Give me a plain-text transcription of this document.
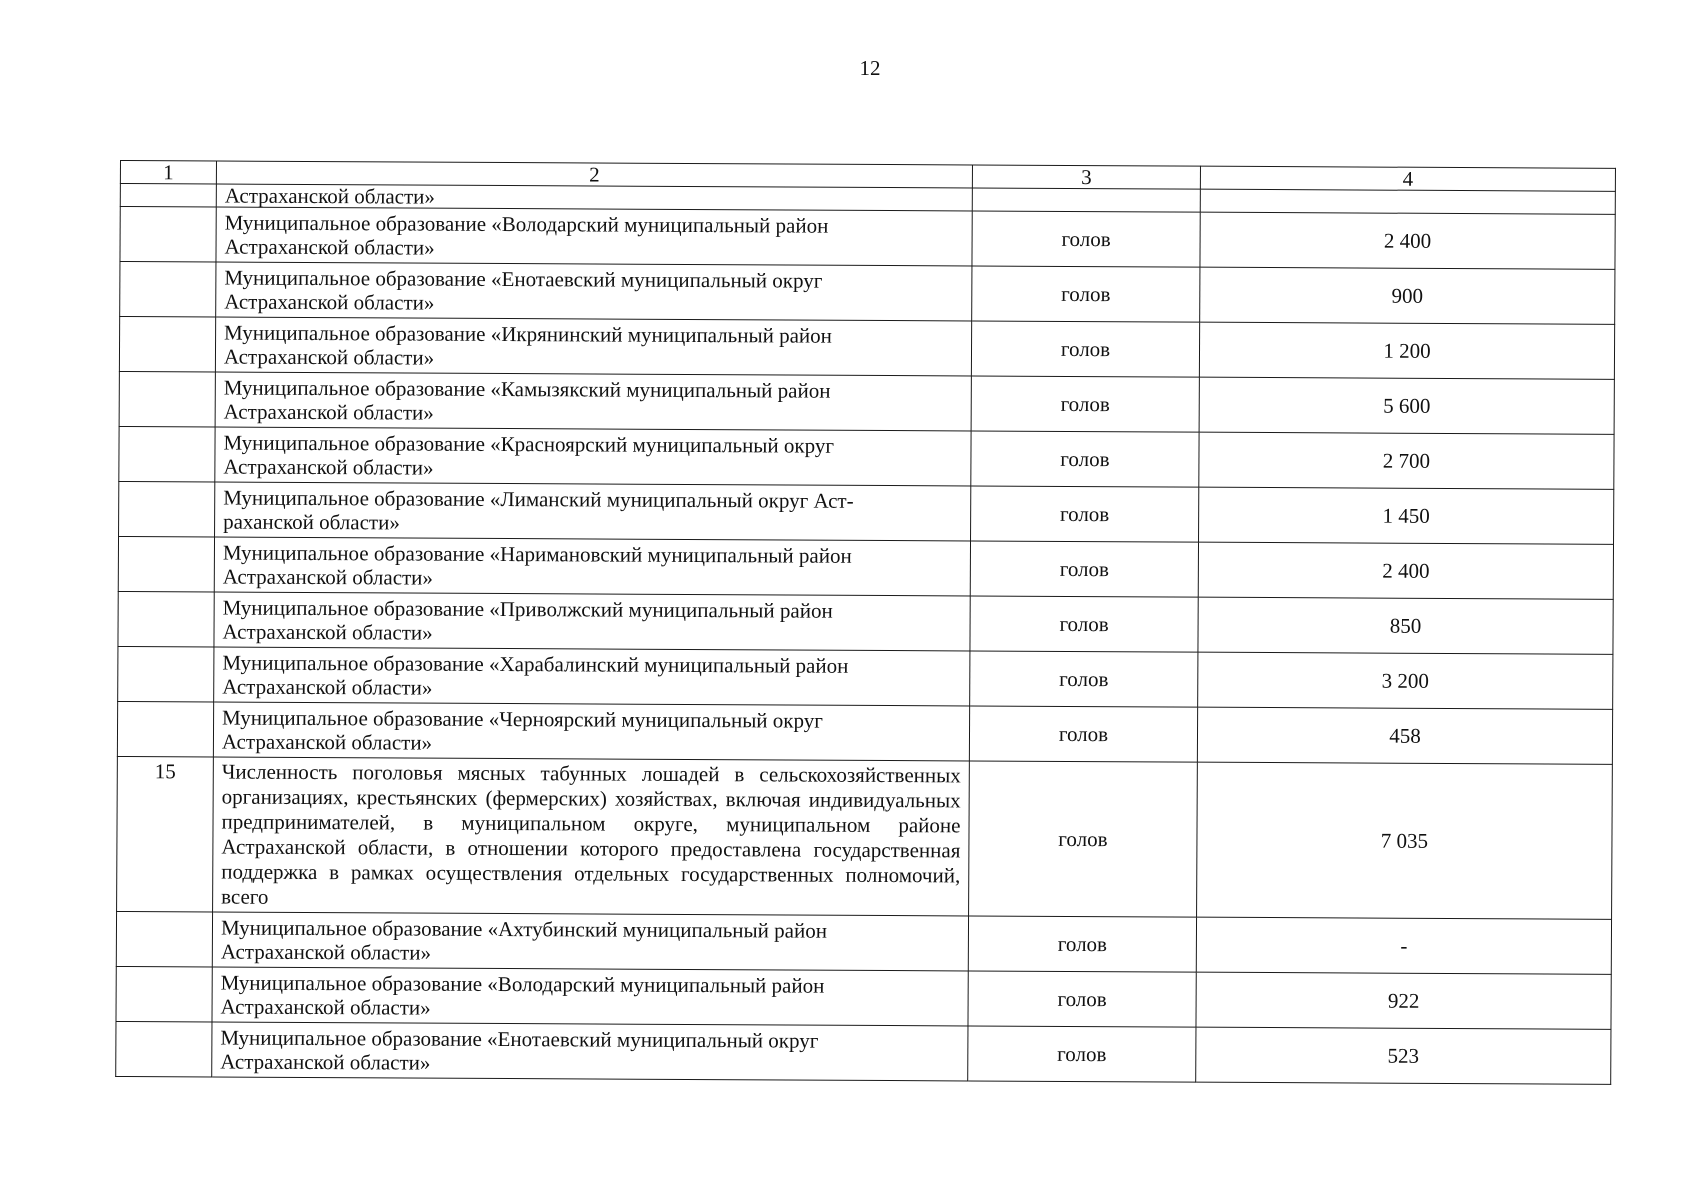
12
1	2	3	4
	Астраханской области»		
	Муниципальное образование «Володарский муниципальный район
Астраханской области»	голов	2 400
	Муниципальное образование «Енотаевский муниципальный округ
Астраханской области»	голов	900
	Муниципальное образование «Икрянинский муниципальный район
Астраханской области»	голов	1 200
	Муниципальное образование «Камызякский муниципальный район
Астраханской области»	голов	5 600
	Муниципальное образование «Красноярский муниципальный округ
Астраханской области»	голов	2 700
	Муниципальное образование «Лиманский муниципальный округ Аст-
раханской области»	голов	1 450
	Муниципальное образование «Наримановский муниципальный район
Астраханской области»	голов	2 400
	Муниципальное образование «Приволжский муниципальный район
Астраханской области»	голов	850
	Муниципальное образование «Харабалинский муниципальный район
Астраханской области»	голов	3 200
	Муниципальное образование «Черноярский муниципальный округ
Астраханской области»	голов	458
15	Численность поголовья мясных табунных лошадей в сельскохозяйственных организациях, крестьянских (фермерских) хозяйствах, включая индивидуальных предпринимателей, в муниципальном округе, муниципальном районе Астраханской области, в отношении которого предоставлена государственная поддержка в рамках осуществления отдельных государственных полномочий, всего	голов	7 035
	Муниципальное образование «Ахтубинский муниципальный район
Астраханской области»	голов	-
	Муниципальное образование «Володарский муниципальный район
Астраханской области»	голов	922
	Муниципальное образование «Енотаевский муниципальный округ
Астраханской области»	голов	523
